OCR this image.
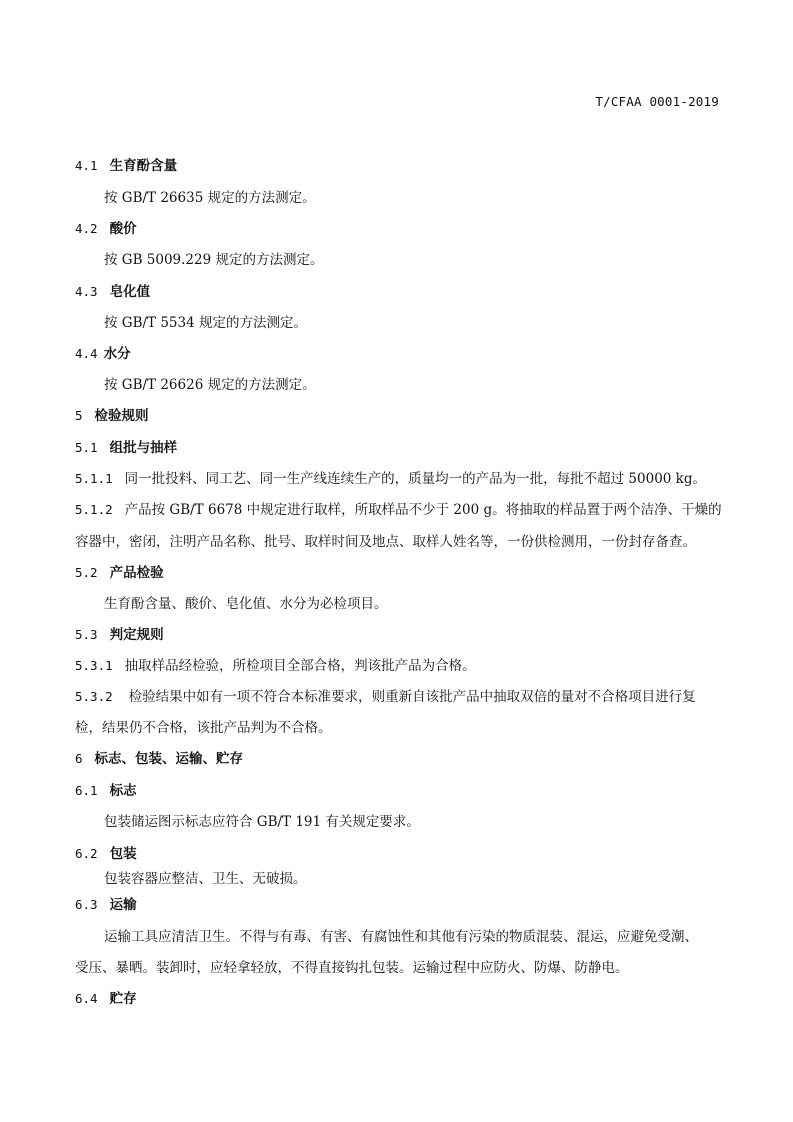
T/CFAA 0001-2019
4.1 生育酚含量
按 GB/T 26635 规定的方法测定。
4.2 酸价
按 GB 5009.229 规定的方法测定。
4.3 皂化值
按 GB/T 5534 规定的方法测定。
4.4 水分
按 GB/T 26626 规定的方法测定。
5 检验规则
5.1 组批与抽样
5.1.1 同一批投料、同工艺、同一生产线连续生产的，质量均一的产品为一批，每批不超过 50000 kg。
5.1.2 产品按 GB/T 6678 中规定进行取样，所取样品不少于 200 g。将抽取的样品置于两个洁净、干燥的
容器中，密闭，注明产品名称、批号、取样时间及地点、取样人姓名等，一份供检测用，一份封存备查。
5.2 产品检验
生育酚含量、酸价、皂化值、水分为必检项目。
5.3 判定规则
5.3.1 抽取样品经检验，所检项目全部合格，判该批产品为合格。
5.3.2 检验结果中如有一项不符合本标准要求，则重新自该批产品中抽取双倍的量对不合格项目进行复
检，结果仍不合格，该批产品判为不合格。
6 标志、包装、运输、贮存
6.1 标志
包装储运图示标志应符合 GB/T 191 有关规定要求。
6.2 包装
包装容器应整洁、卫生、无破损。
6.3 运输
运输工具应清洁卫生。不得与有毒、有害、有腐蚀性和其他有污染的物质混装、混运，应避免受潮、
受压、暴晒。装卸时，应轻拿轻放，不得直接钩扎包装。运输过程中应防火、防爆、防静电。
6.4 贮存
